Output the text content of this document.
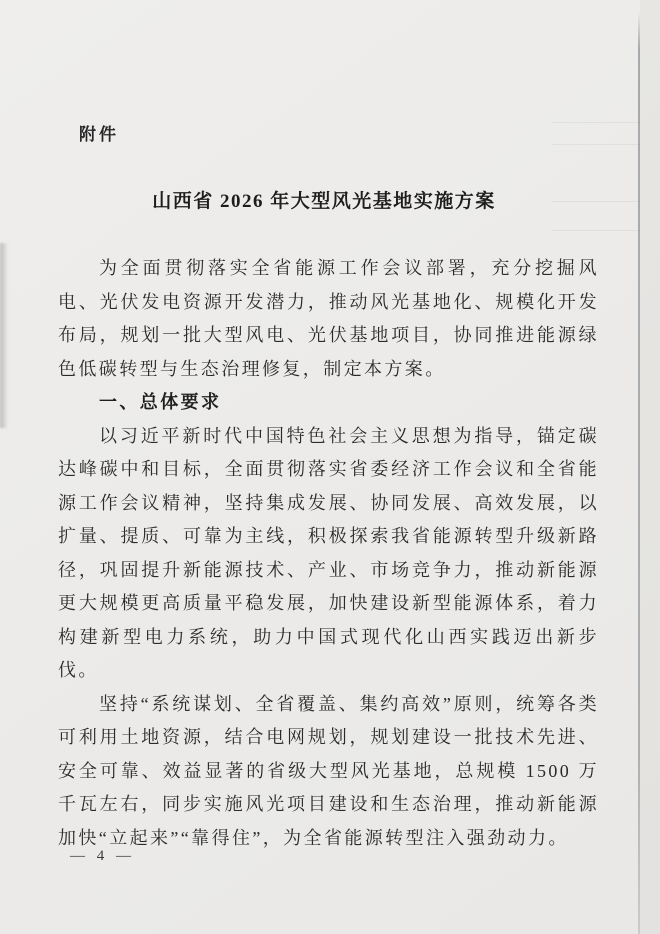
附件
山西省 2026 年大型风光基地实施方案

为全面贯彻落实全省能源工作会议部署，充分挖掘风电、光伏发电资源开发潜力，推动风光基地化、规模化开发布局，规划一批大型风电、光伏基地项目，协同推进能源绿色低碳转型与生态治理修复，制定本方案。

一、总体要求

以习近平新时代中国特色社会主义思想为指导，锚定碳达峰碳中和目标，全面贯彻落实省委经济工作会议和全省能源工作会议精神，坚持集成发展、协同发展、高效发展，以扩量、提质、可靠为主线，积极探索我省能源转型升级新路径，巩固提升新能源技术、产业、市场竞争力，推动新能源更大规模更高质量平稳发展，加快建设新型能源体系，着力构建新型电力系统，助力中国式现代化山西实践迈出新步伐。

坚持“系统谋划、全省覆盖、集约高效”原则，统筹各类可利用土地资源，结合电网规划，规划建设一批技术先进、安全可靠、效益显著的省级大型风光基地，总规模 1500 万千瓦左右，同步实施风光项目建设和生态治理，推动新能源加快“立起来”“靠得住”，为全省能源转型注入强劲动力。

— 4 —
